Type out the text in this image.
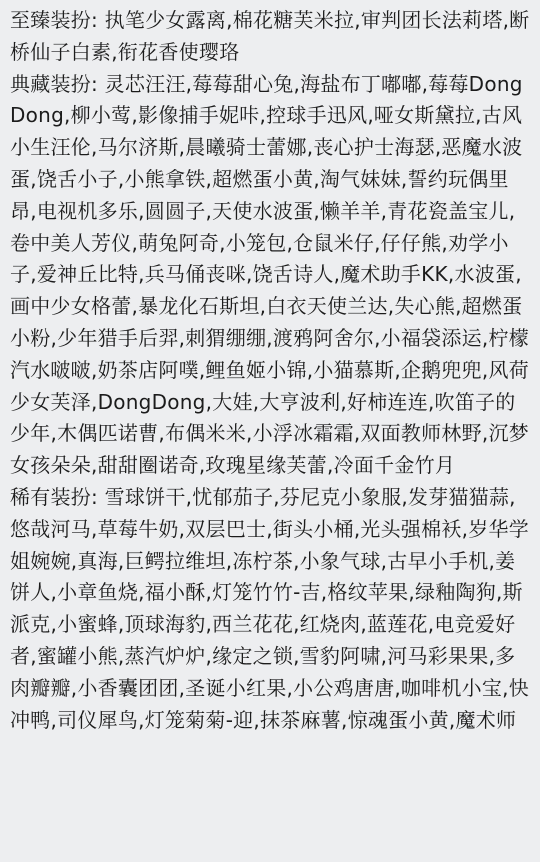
至臻装扮: 执笔少女露离,棉花糖芙米拉,审判团长法莉塔,断桥仙子白素,衔花香使璎珞

典藏装扮: 灵芯汪汪,莓莓甜心兔,海盐布丁嘟嘟,莓莓DongDong,柳小莺,影像捕手妮咔,控球手迅风,哑女斯黛拉,古风小生汪伦,马尔济斯,晨曦骑士蕾娜,丧心护士海瑟,恶魔水波蛋,饶舌小子,小熊拿铁,超燃蛋小黄,淘气妹妹,誓约玩偶里昂,电视机多乐,圆圆子,天使水波蛋,懒羊羊,青花瓷盖宝儿,卷中美人芳仪,萌兔阿奇,小笼包,仓鼠米仔,仔仔熊,劝学小子,爱神丘比特,兵马俑丧咪,饶舌诗人,魔术助手KK,水波蛋,画中少女格蕾,暴龙化石斯坦,白衣天使兰达,失心熊,超燃蛋小粉,少年猎手后羿,刺猬绷绷,渡鸦阿舍尔,小福袋添运,柠檬汽水啵啵,奶茶店阿噗,鲤鱼姬小锦,小猫慕斯,企鹅兜兜,风荷少女芙泽,DongDong,大娃,大亨波利,好柿连连,吹笛子的少年,木偶匹诺曹,布偶米米,小浮冰霜霜,双面教师林野,沉梦女孩朵朵,甜甜圈诺奇,玫瑰星缘芙蕾,冷面千金竹月

稀有装扮: 雪球饼干,忧郁茄子,芬尼克小象服,发芽猫猫蒜,悠哉河马,草莓牛奶,双层巴士,街头小桶,光头强棉袄,岁华学姐婉婉,真海,巨鳄拉维坦,冻柠茶,小象气球,古早小手机,姜饼人,小章鱼烧,福小酥,灯笼竹竹-吉,格纹苹果,绿釉陶狗,斯派克,小蜜蜂,顶球海豹,西兰花花,红烧肉,蓝莲花,电竞爱好者,蜜罐小熊,蒸汽炉炉,缘定之锁,雪豹阿啸,河马彩果果,多肉瓣瓣,小香囊团团,圣诞小红果,小公鸡唐唐,咖啡机小宝,快冲鸭,司仪犀鸟,灯笼菊菊-迎,抹茶麻薯,惊魂蛋小黄,魔术师
